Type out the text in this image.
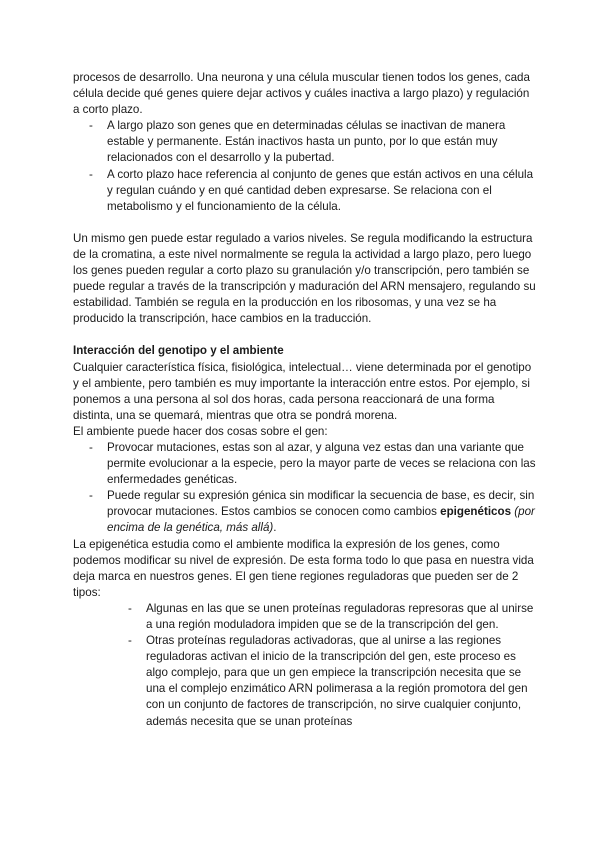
procesos de desarrollo. Una neurona y una célula muscular tienen todos los genes, cada célula decide qué genes quiere dejar activos y cuáles inactiva a largo plazo) y regulación a corto plazo.

- A largo plazo son genes que en determinadas células se inactivan de manera estable y permanente. Están inactivos hasta un punto, por lo que están muy relacionados con el desarrollo y la pubertad.
- A corto plazo hace referencia al conjunto de genes que están activos en una célula y regulan cuándo y en qué cantidad deben expresarse. Se relaciona con el metabolismo y el funcionamiento de la célula.

Un mismo gen puede estar regulado a varios niveles. Se regula modificando la estructura de la cromatina, a este nivel normalmente se regula la actividad a largo plazo, pero luego los genes pueden regular a corto plazo su granulación y/o transcripción, pero también se puede regular a través de la transcripción y maduración del ARN mensajero, regulando su estabilidad. También se regula en la producción en los ribosomas, y una vez se ha producido la transcripción, hace cambios en la traducción.

Interacción del genotipo y el ambiente

Cualquier característica física, fisiológica, intelectual… viene determinada por el genotipo y el ambiente, pero también es muy importante la interacción entre estos. Por ejemplo, si ponemos a una persona al sol dos horas, cada persona reaccionará de una forma distinta, una se quemará, mientras que otra se pondrá morena.

El ambiente puede hacer dos cosas sobre el gen:

- Provocar mutaciones, estas son al azar, y alguna vez estas dan una variante que permite evolucionar a la especie, pero la mayor parte de veces se relaciona con las enfermedades genéticas.
- Puede regular su expresión génica sin modificar la secuencia de base, es decir, sin provocar mutaciones. Estos cambios se conocen como cambios epigenéticos (por encima de la genética, más allá).

La epigenética estudia como el ambiente modifica la expresión de los genes, como podemos modificar su nivel de expresión. De esta forma todo lo que pasa en nuestra vida deja marca en nuestros genes. El gen tiene regiones reguladoras que pueden ser de 2 tipos:

- Algunas en las que se unen proteínas reguladoras represoras que al unirse a una región moduladora impiden que se de la transcripción del gen.
- Otras proteínas reguladoras activadoras, que al unirse a las regiones reguladoras activan el inicio de la transcripción del gen, este proceso es algo complejo, para que un gen empiece la transcripción necesita que se una el complejo enzimático ARN polimerasa a la región promotora del gen con un conjunto de factores de transcripción, no sirve cualquier conjunto, además necesita que se unan proteínas
